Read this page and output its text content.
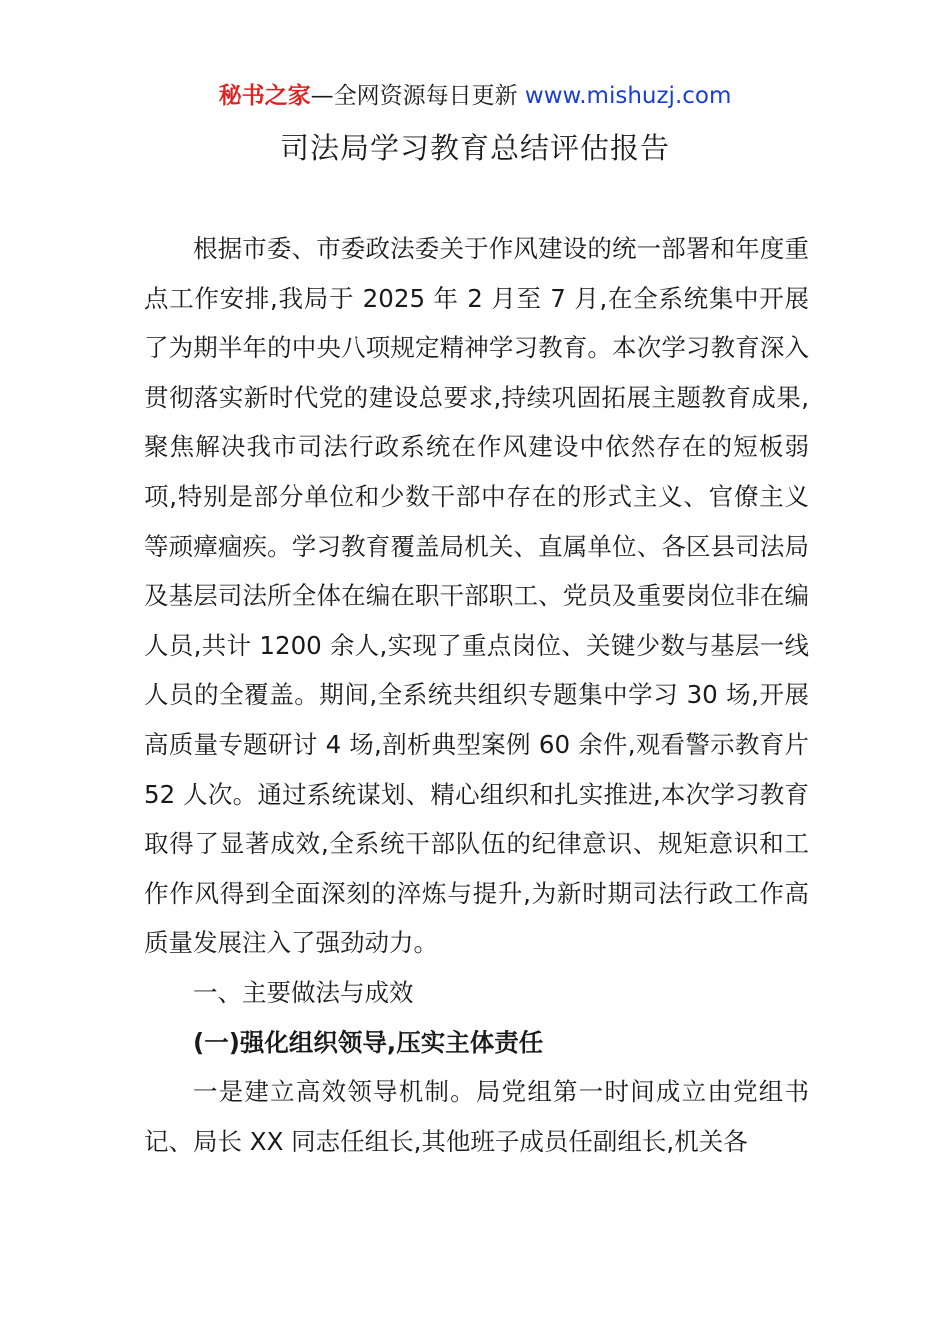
秘书之家—全网资源每日更新 www.mishuzj.com
司法局学习教育总结评估报告

根据市委、市委政法委关于作风建设的统一部署和年度重点工作安排,我局于 2025 年 2 月至 7 月,在全系统集中开展了为期半年的中央八项规定精神学习教育。本次学习教育深入贯彻落实新时代党的建设总要求,持续巩固拓展主题教育成果,聚焦解决我市司法行政系统在作风建设中依然存在的短板弱项,特别是部分单位和少数干部中存在的形式主义、官僚主义等顽瘴痼疾。学习教育覆盖局机关、直属单位、各区县司法局及基层司法所全体在编在职干部职工、党员及重要岗位非在编人员,共计 1200 余人,实现了重点岗位、关键少数与基层一线人员的全覆盖。期间,全系统共组织专题集中学习 30 场,开展高质量专题研讨 4 场,剖析典型案例 60 余件,观看警示教育片 52 人次。通过系统谋划、精心组织和扎实推进,本次学习教育取得了显著成效,全系统干部队伍的纪律意识、规矩意识和工作作风得到全面深刻的淬炼与提升,为新时期司法行政工作高质量发展注入了强劲动力。

一、主要做法与成效

(一)强化组织领导,压实主体责任

一是建立高效领导机制。局党组第一时间成立由党组书记、局长 XX 同志任组长,其他班子成员任副组长,机关各
